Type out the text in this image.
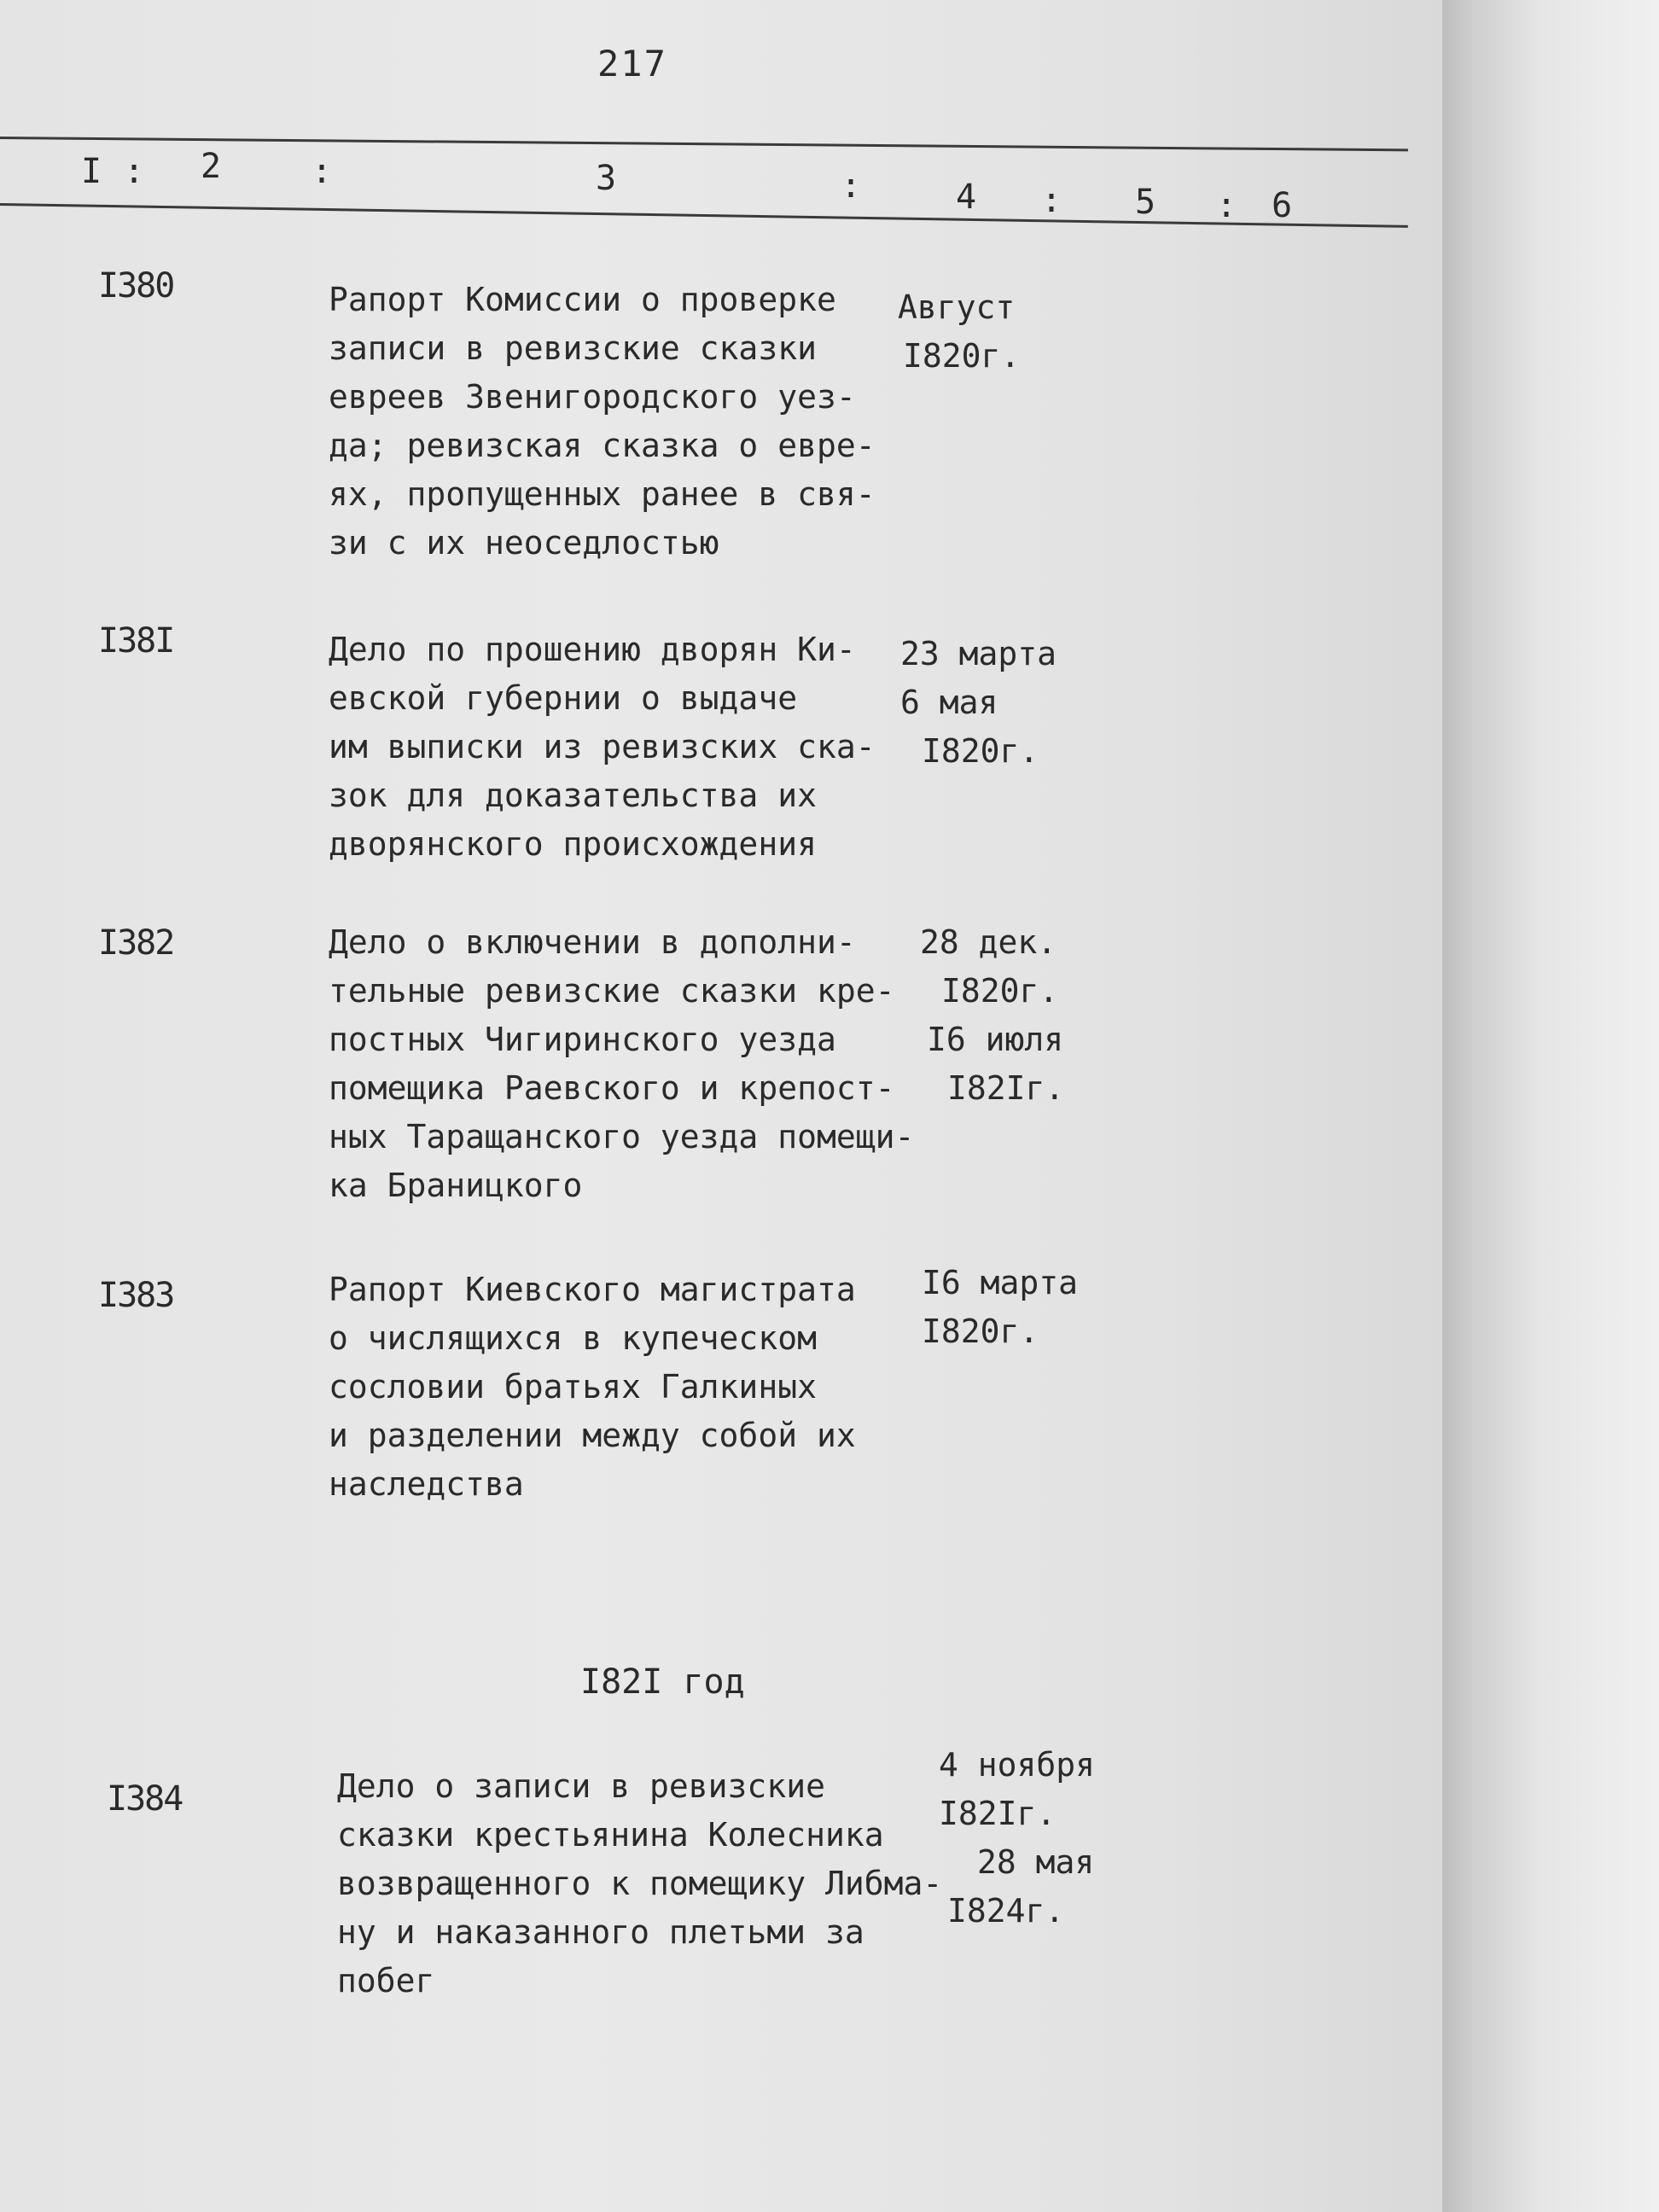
217
I : 2	:	3	:	4 : 5 : 6
I380	Рапорт Комиссии о проверке
записи в ревизские сказки
евреев Звенигородского уез-
да; ревизская сказка о евре-
ях, пропущенных ранее в свя-
зи с их неоседлостью
Август
I820г.
I38I	Дело по прошению дворян Ки-
евской губернии о выдаче
им выписки из ревизских ска-
зок для доказательства их
дворянского происхождения
23 марта
6 мая
I820г.
I382	Дело о включении в дополни-
тельные ревизские сказки кре-
постных Чигиринского уезда
помещика Раевского и крепост-
ных Таращанского уезда помещи-
ка Браницкого
28 дек.
I820г.
I6 июля
I82Iг.
I383	Рапорт Киевского магистрата
о числящихся в купеческом
сословии братьях Галкиных
и разделении между собой их
наследства
I6 марта
I820г.
I82I год
I384	Дело о записи в ревизские
сказки крестьянина Колесника
возвращенного к помещику Либма-
ну и наказанного плетьми за
побег
4 ноября
I82Iг.
28 мая
I824г.
